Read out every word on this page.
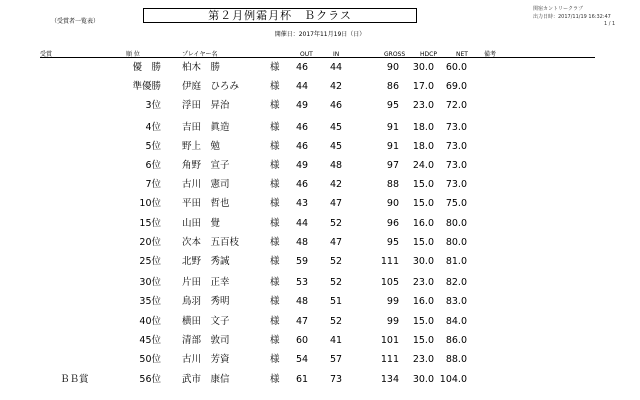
（受賞者一覧表）	第２月例霜月杯　Ｂクラス
開催日：2017年11月19日（日）
関宿カントリークラブ
出力日時：2017/11/19 16:32:47
1 / 1
受賞	順 位	プレイヤー名	OUT	IN	GROSS HDCP	NET	備考
優　勝 柏木　勝	様 46 44	90 30.0 60.0
準優勝 伊庭　ひろみ	様 44 42	86 17.0 69.0
3位 浮田　昇治	様 49 46	95 23.0 72.0
4位 吉田　眞造	様 46 45	91 18.0 73.0
5位 野上　勉	様 46 45	91 18.0 73.0
6位 角野　宣子	様 49 48	97 24.0 73.0
7位 古川　憲司	様 46 42	88 15.0 73.0
10位 平田　哲也	様 43 47	90 15.0 75.0
15位 山田　覺	様 44 52	96 16.0 80.0
20位 次本　五百枝	様 48 47	95 15.0 80.0
25位 北野　秀誠	様 59 52	111 30.0 81.0
30位 片田　正幸	様 53 52	105 23.0 82.0
35位 鳥羽　秀明	様 48 51	99 16.0 83.0
40位 横田　文子	様 47 52	99 15.0 84.0
45位 清部　敦司	様 60 41	101 15.0 86.0
50位 古川　芳資	様 54 57	111 23.0 88.0
ＢＢ賞	56位 武市　康信	様 61 73	134 30.0 104.0
